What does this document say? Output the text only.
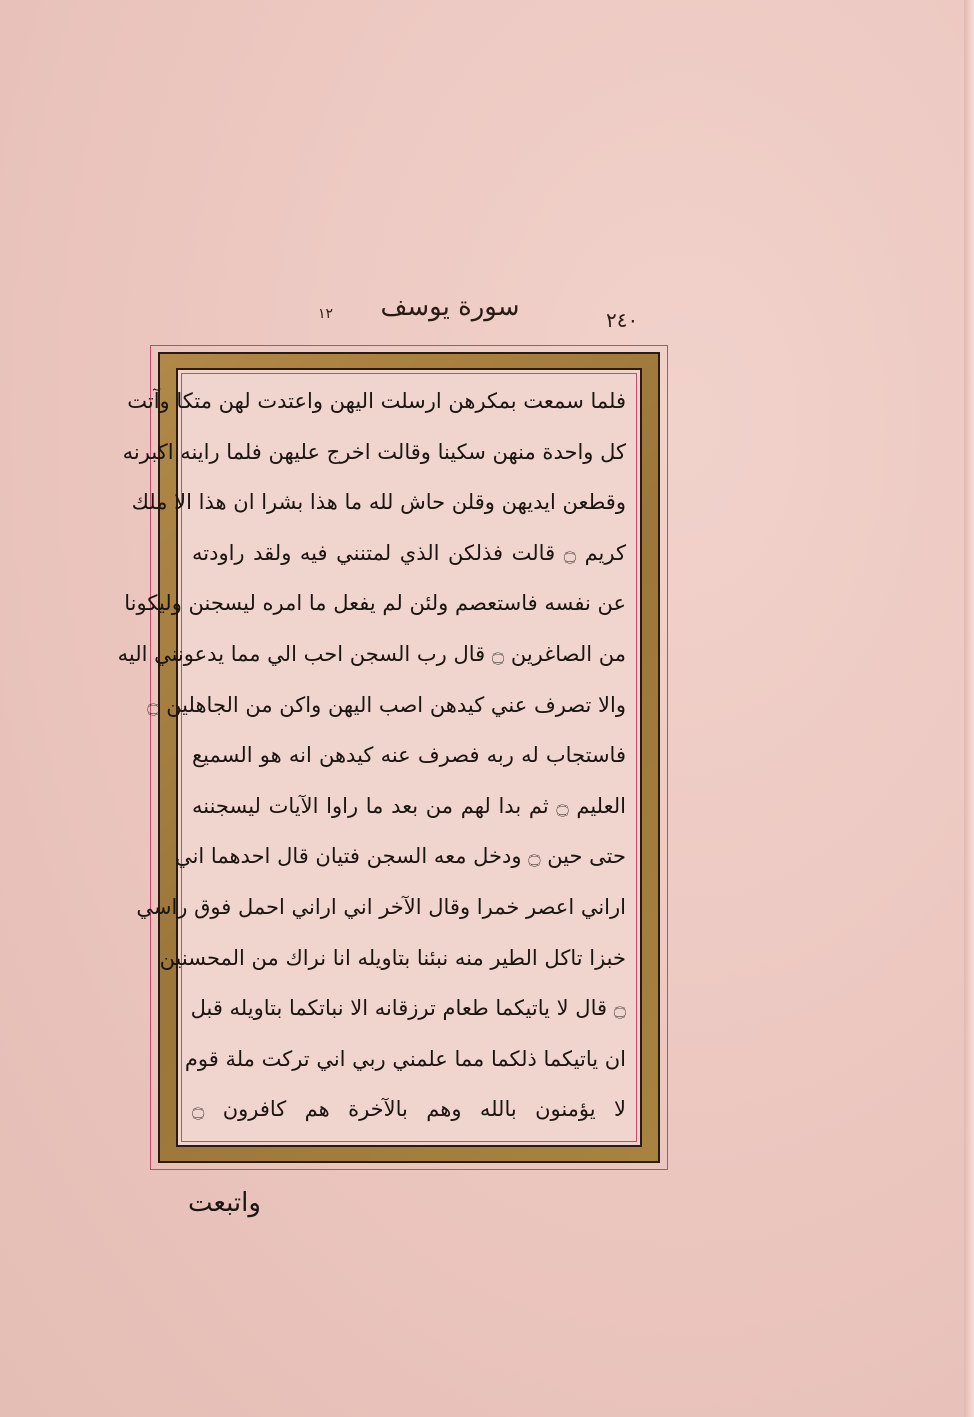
٢٤٠
سورة يوسف
١٢
فلما سمعت بمكرهن ارسلت اليهن واعتدت لهن متكا وآتت
كل واحدة منهن سكينا وقالت اخرج عليهن فلما راينه اكبرنه
وقطعن ايديهن وقلن حاش لله ما هذا بشرا ان هذا الا ملك
كريم ۝ قالت فذلكن الذي لمتنني فيه ولقد راودته
عن نفسه فاستعصم ولئن لم يفعل ما امره ليسجنن وليكونا
من الصاغرين ۝ قال رب السجن احب الي مما يدعونني اليه
والا تصرف عني كيدهن اصب اليهن واكن من الجاهلين ۝
فاستجاب له ربه فصرف عنه كيدهن انه هو السميع
العليم ۝ ثم بدا لهم من بعد ما راوا الآيات ليسجننه
حتى حين ۝ ودخل معه السجن فتيان قال احدهما اني
اراني اعصر خمرا وقال الآخر اني اراني احمل فوق راسي
خبزا تاكل الطير منه نبئنا بتاويله انا نراك من المحسنين
۝ قال لا ياتيكما طعام ترزقانه الا نباتكما بتاويله قبل
ان ياتيكما ذلكما مما علمني ربي اني تركت ملة قوم
لا يؤمنون بالله وهم بالآخرة هم كافرون ۝
واتبعت
